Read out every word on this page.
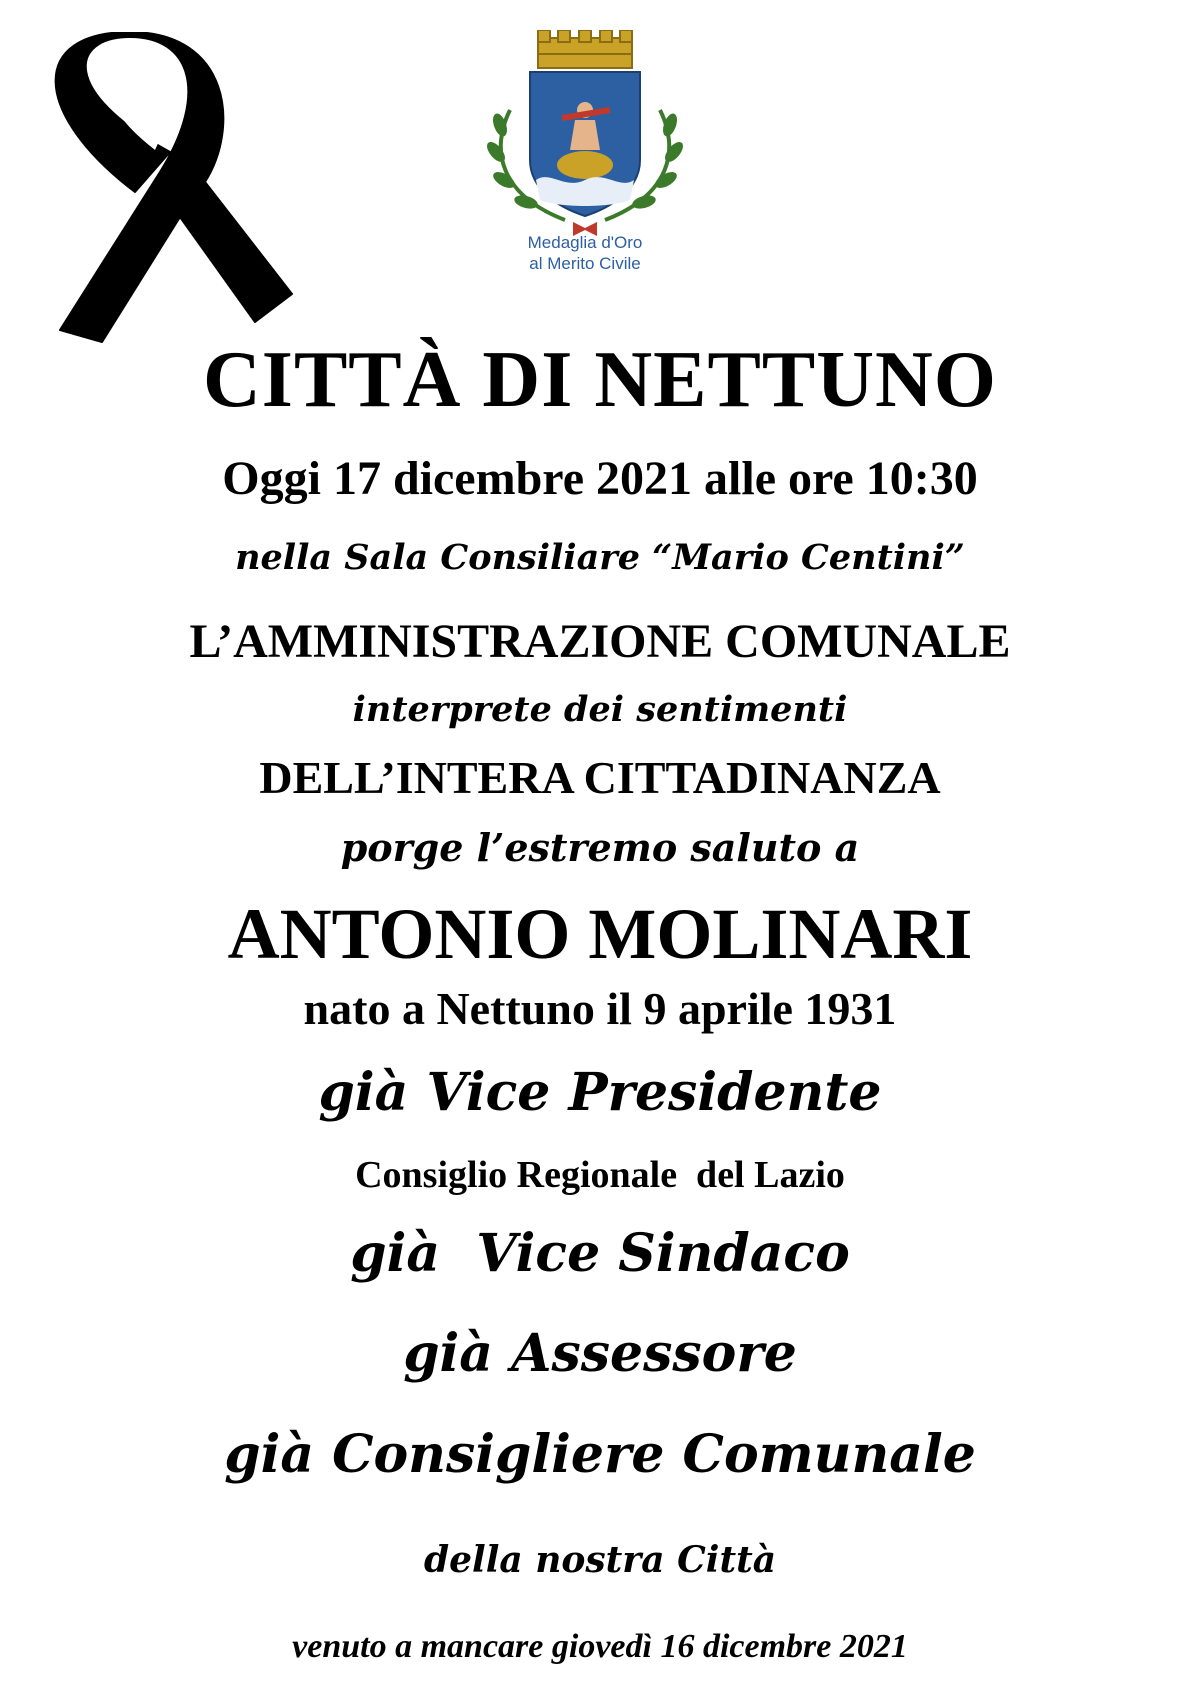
Medaglia d'Oro
al Merito Civile
CITTÀ DI NETTUNO
Oggi 17 dicembre 2021 alle ore 10:30
nella Sala Consiliare “Mario Centini”
L’AMMINISTRAZIONE COMUNALE
interprete dei sentimenti
DELL’INTERA CITTADINANZA
porge l’estremo saluto a
ANTONIO MOLINARI
nato a Nettuno il 9 aprile 1931
già Vice Presidente
Consiglio Regionale  del Lazio
già  Vice Sindaco
già Assessore
già Consigliere Comunale
della nostra Città
venuto a mancare giovedì 16 dicembre 2021
